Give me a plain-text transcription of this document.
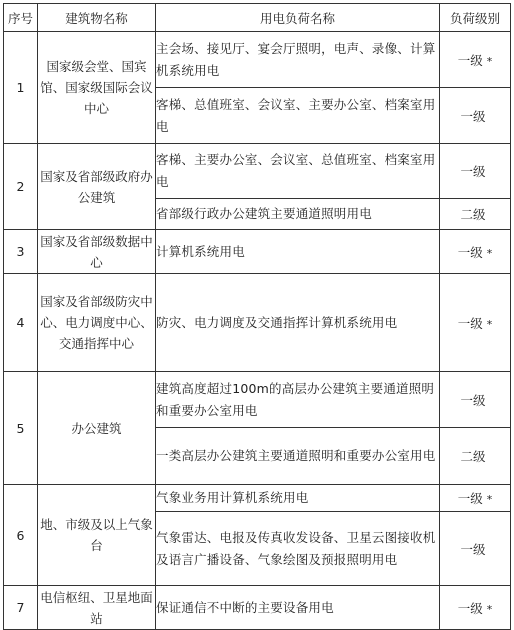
序号	建筑物名称	用电负荷名称	负荷级别
1	国家级会堂、国宾馆、国家级国际会议中心	主会场、接见厅、宴会厅照明，电声、录像、计算机系统用电	一级 *
		客梯、总值班室、会议室、主要办公室、档案室用电	一级
2	国家及省部级政府办公建筑	客梯、主要办公室、会议室、总值班室、档案室用电	一级
		省部级行政办公建筑主要通道照明用电	二级
3	国家及省部级数据中心	计算机系统用电	一级 *
4	国家及省部级防灾中心、电力调度中心、交通指挥中心	防灾、电力调度及交通指挥计算机系统用电	一级 *
5	办公建筑	建筑高度超过100m的高层办公建筑主要通道照明和重要办公室用电	一级
		一类高层办公建筑主要通道照明和重要办公室用电	二级
6	地、市级及以上气象台	气象业务用计算机系统用电	一级 *
		气象雷达、电报及传真收发设备、卫星云图接收机及语言广播设备、气象绘图及预报照明用电	一级
7	电信枢纽、卫星地面站	保证通信不中断的主要设备用电	一级 *
